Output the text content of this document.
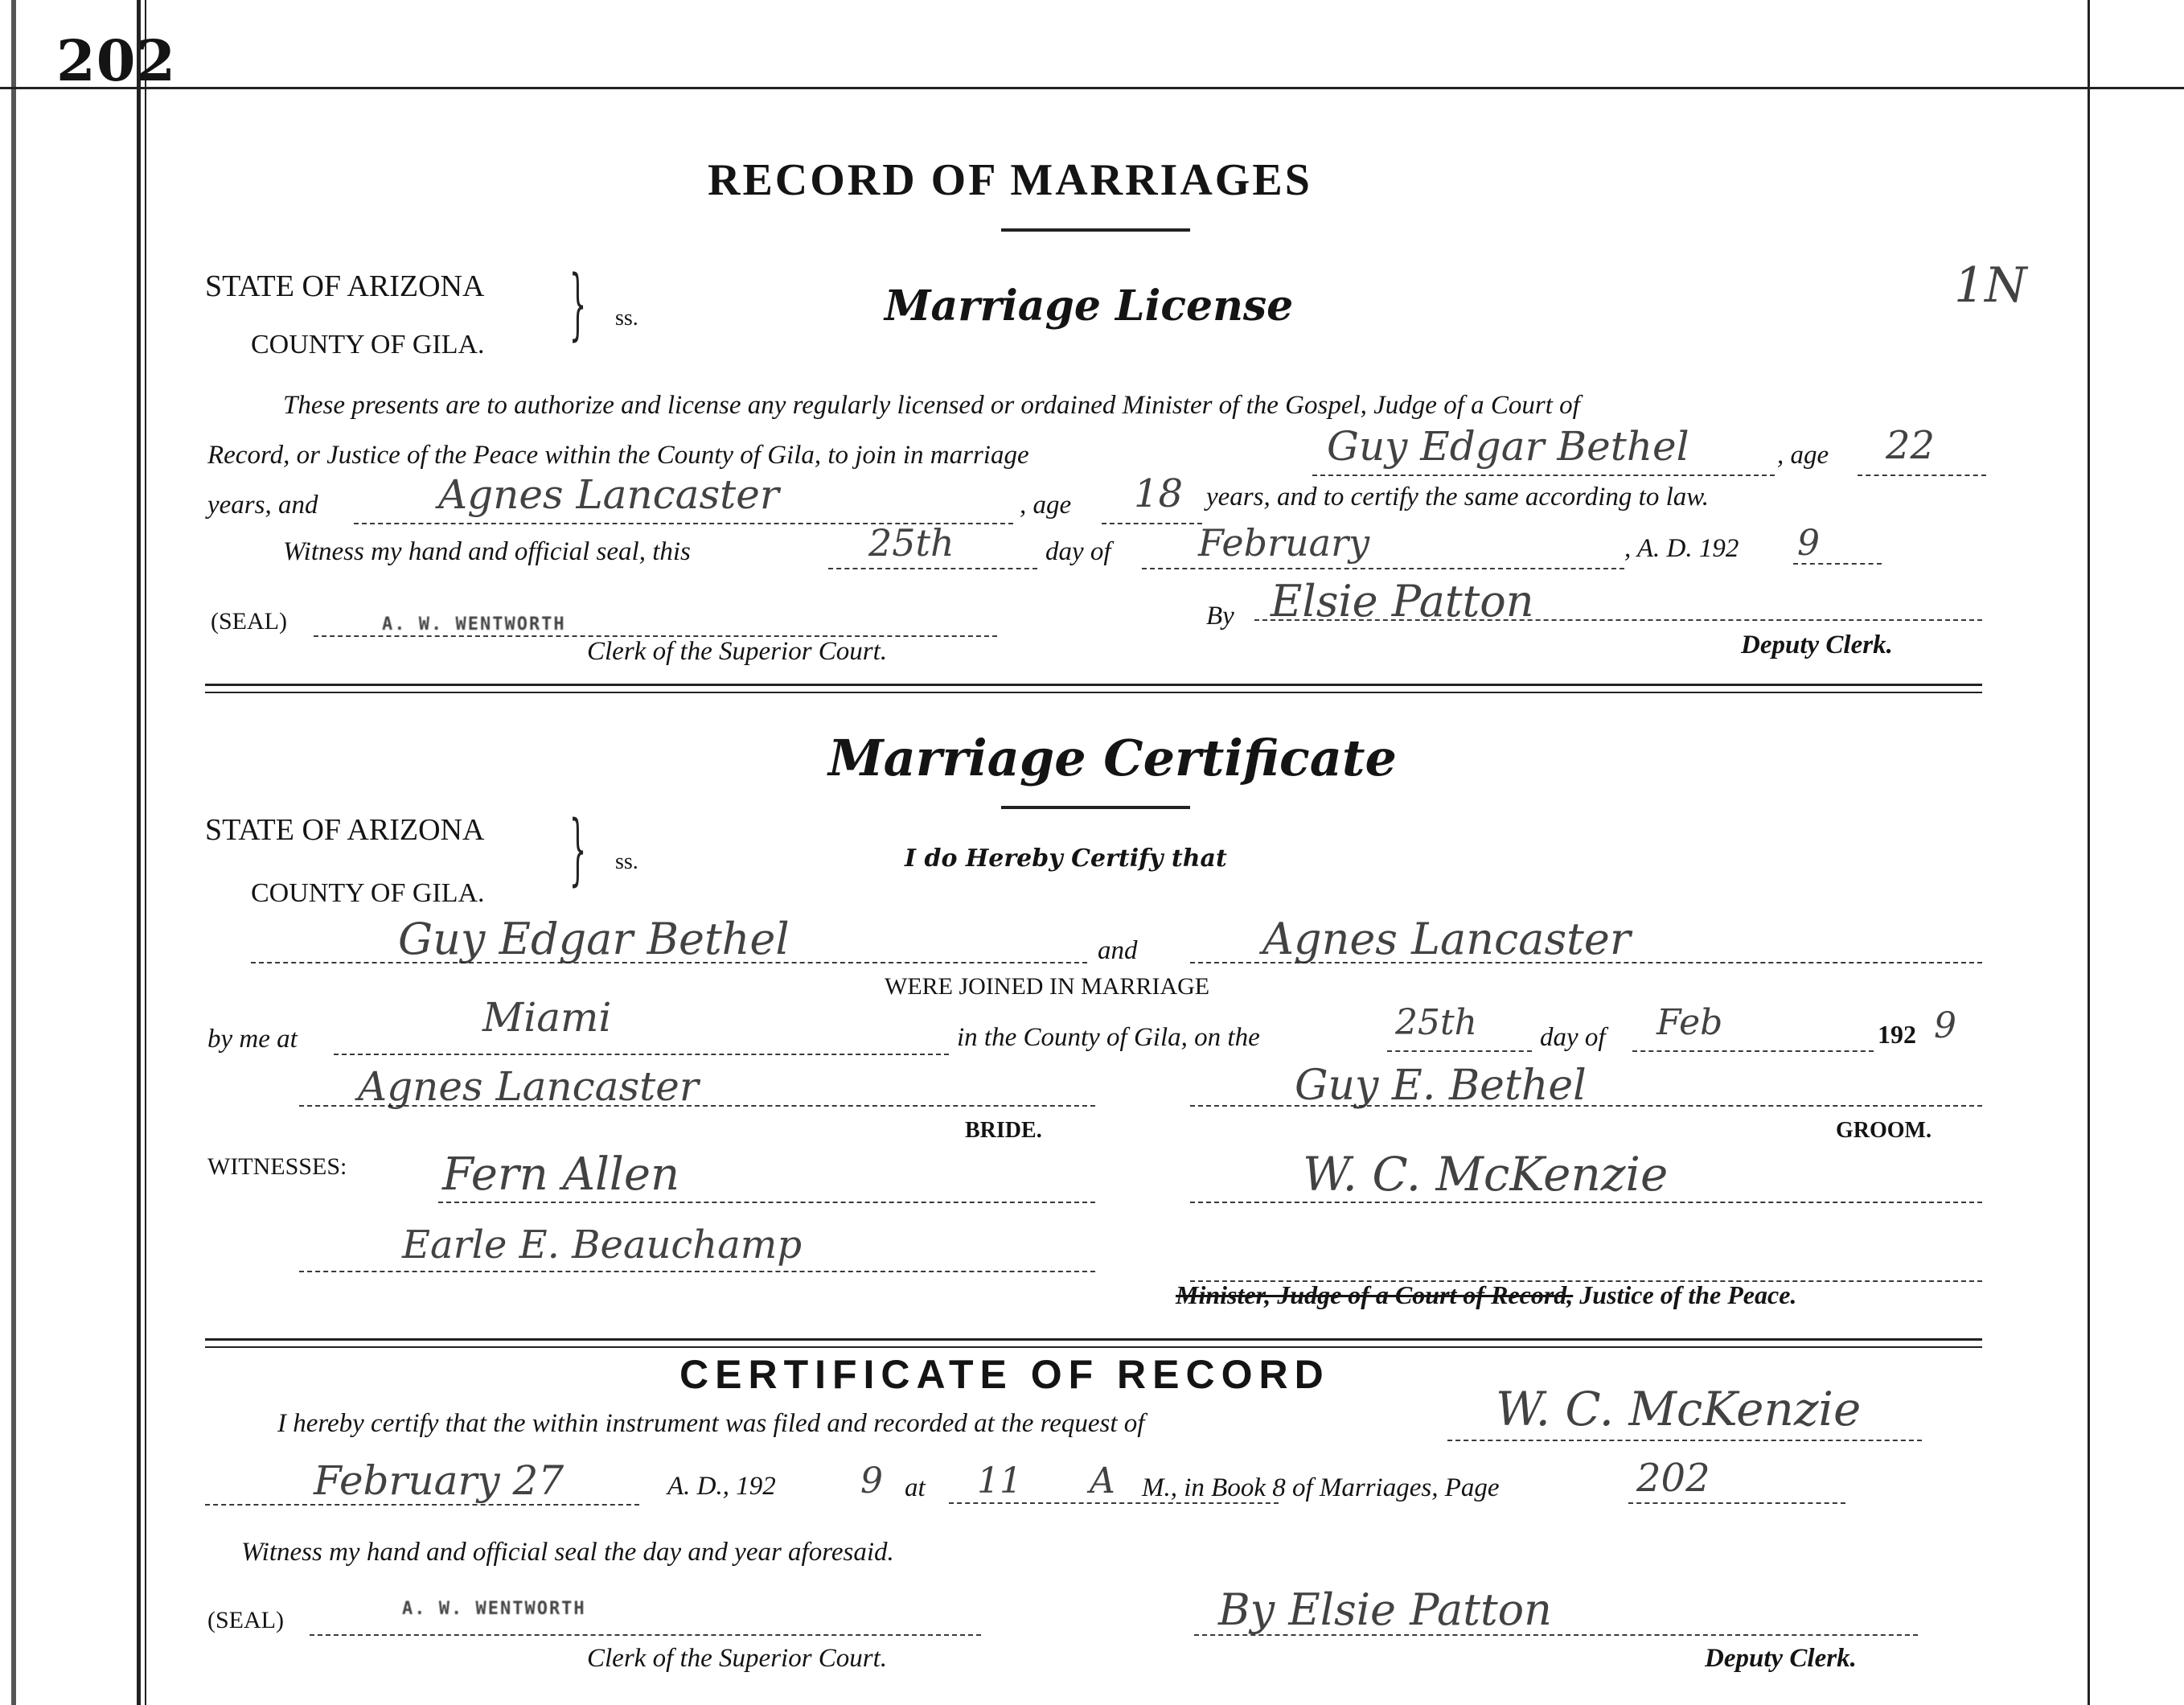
202
RECORD OF MARRIAGES
STATE OF ARIZONA
COUNTY OF GILA. } ss.	Marriage License	1N
These presents are to authorize and license any regularly licensed or ordained Minister of the Gospel, Judge of a Court of
Record, or Justice of the Peace within the County of Gila, to join in marriage	Guy Edgar Bethel	, age 22
years, and	Agnes Lancaster	, age 18 years, and to certify the same according to law.
Witness my hand and official seal, this	25th	day of February	, A. D. 192 9
(SEAL)	A. W. WENTWORTH
Clerk of the Superior Court.
By Elsie Patton
Deputy Clerk.
Marriage Certificate
STATE OF ARIZONA
COUNTY OF GILA. } ss.	I do Hereby Certify that
Guy Edgar Bethel	and	Agnes Lancaster
WERE JOINED IN MARRIAGE
by me at	Miami	in the County of Gila, on the	25th day of Feb	192 9
Agnes Lancaster
BRIDE.
Guy E. Bethel
GROOM.
WITNESSES: Fern Allen	W. C. McKenzie
Earle E. Beauchamp
Minister, Judge of a Court of Record, Justice of the Peace.
CERTIFICATE OF RECORD
I hereby certify that the within instrument was filed and recorded at the request of	W. C. McKenzie
February 27	A. D., 192 9 at 11 A M., in Book 8 of Marriages, Page	202
Witness my hand and official seal the day and year aforesaid.
(SEAL)	A. W. WENTWORTH
Clerk of the Superior Court.
By Elsie Patton
Deputy Clerk.
